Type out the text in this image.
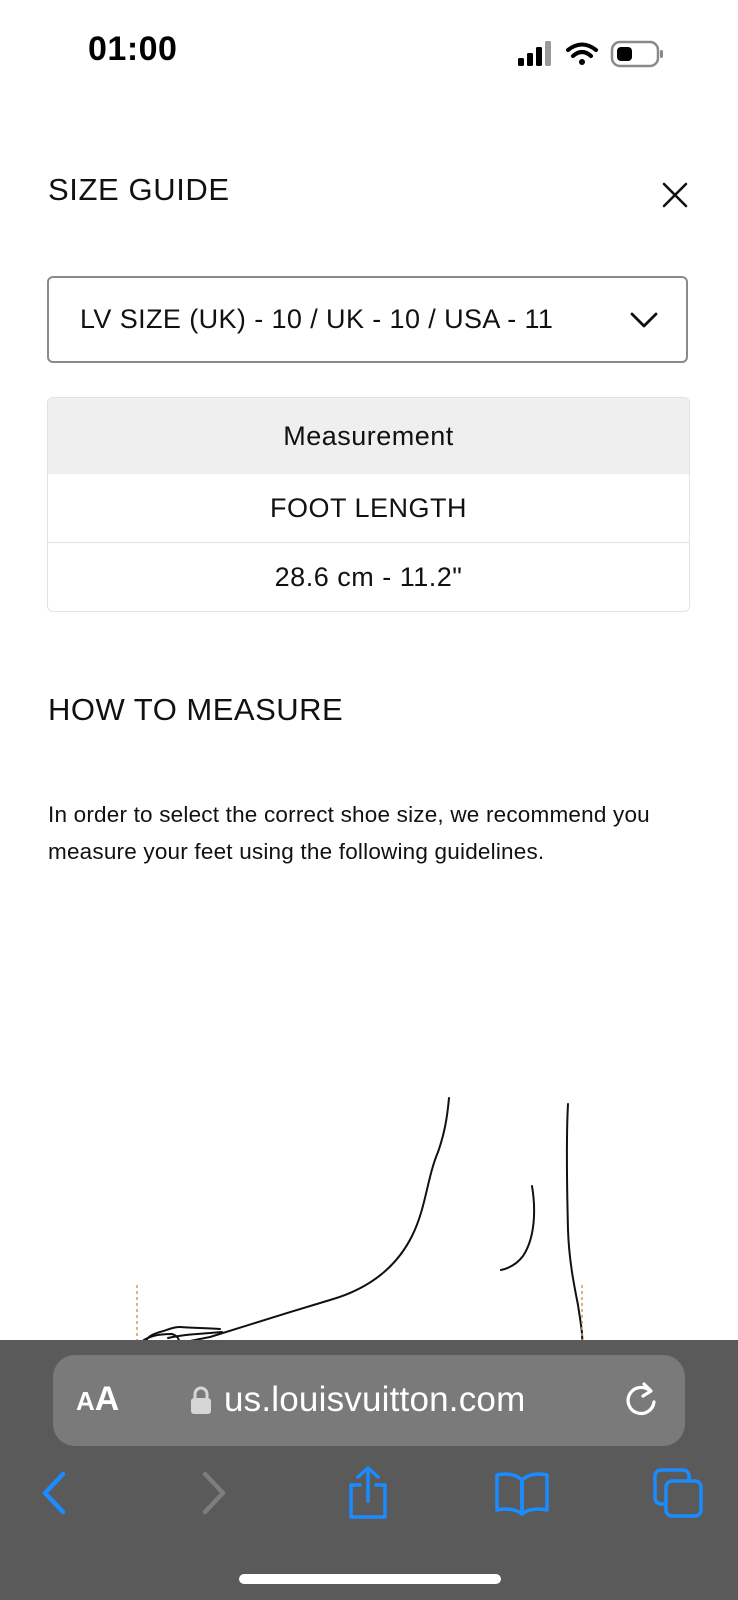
01:00
SIZE GUIDE
LV SIZE (UK) - 10 / UK - 10 / USA - 11
Measurement
FOOT LENGTH
28.6 cm - 11.2"
HOW TO MEASURE
In order to select the correct shoe size, we recommend you measure your feet using the following guidelines.
A A	us.louisvuitton.com
